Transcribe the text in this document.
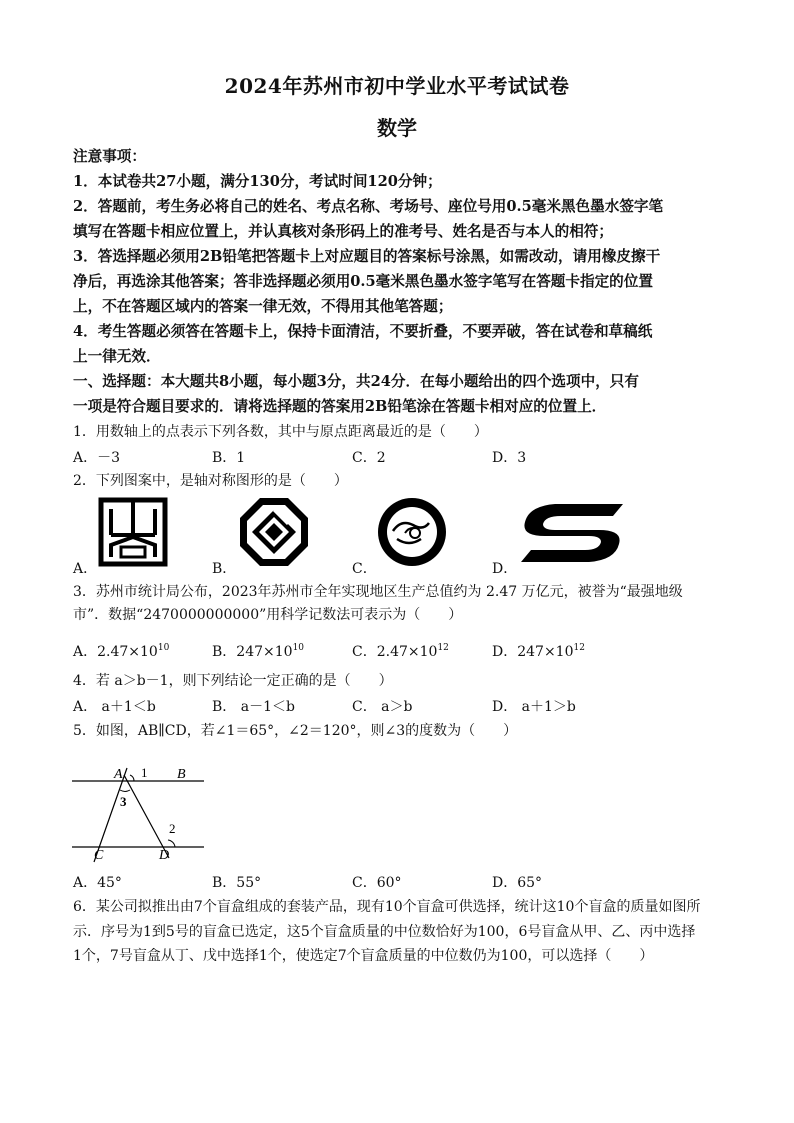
2024年苏州市初中学业水平考试试卷
数学
注意事项：
1．本试卷共27小题，满分130分，考试时间120分钟；
2．答题前，考生务必将自己的姓名、考点名称、考场号、座位号用0.5毫米黑色墨水签字笔
填写在答题卡相应位置上，并认真核对条形码上的准考号、姓名是否与本人的相符；
3．答选择题必须用2B铅笔把答题卡上对应题目的答案标号涂黑，如需改动，请用橡皮擦干
净后，再选涂其他答案；答非选择题必须用0.5毫米黑色墨水签字笔写在答题卡指定的位置
上，不在答题区域内的答案一律无效，不得用其他笔答题；
4．考生答题必须答在答题卡上，保持卡面清洁，不要折叠，不要弄破，答在试卷和草稿纸
上一律无效．
一、选择题：本大题共8小题，每小题3分，共24分．在每小题给出的四个选项中，只有
一项是符合题目要求的．请将选择题的答案用2B铅笔涂在答题卡相对应的位置上．
1．用数轴上的点表示下列各数，其中与原点距离最近的是（　　）
A．－3	B．1	C．2	D．3
2．下列图案中，是轴对称图形的是（　　）
A．	B．	C．	D．
3．苏州市统计局公布，2023年苏州市全年实现地区生产总值约为 2.47 万亿元，被誉为“最强地级
市”．数据“2470000000000”用科学记数法可表示为（　　）
A．$2.47\times 10^{10}$	B．$247\times 10^{10}$	C．$2.47\times 10^{12}$	D．$247\times 10^{12}$
4．若 a＞b－1，则下列结论一定正确的是（　　）
A． a＋1＜b	B． a－1＜b	C． a＞b	D． a＋1＞b
5．如图，AB∥CD，若∠1＝65°，∠2＝120°，则∠3的度数为（　　）
A	B
C	D
1
2
3
A．45°	B．55°	C．60°	D．65°
6．某公司拟推出由7个盲盒组成的套装产品，现有10个盲盒可供选择，统计这10个盲盒的质量如图所
示．序号为1到5号的盲盒已选定，这5个盲盒质量的中位数恰好为100，6号盲盒从甲、乙、丙中选择
1个，7号盲盒从丁、戊中选择1个，使选定7个盲盒质量的中位数仍为100，可以选择（　　）
